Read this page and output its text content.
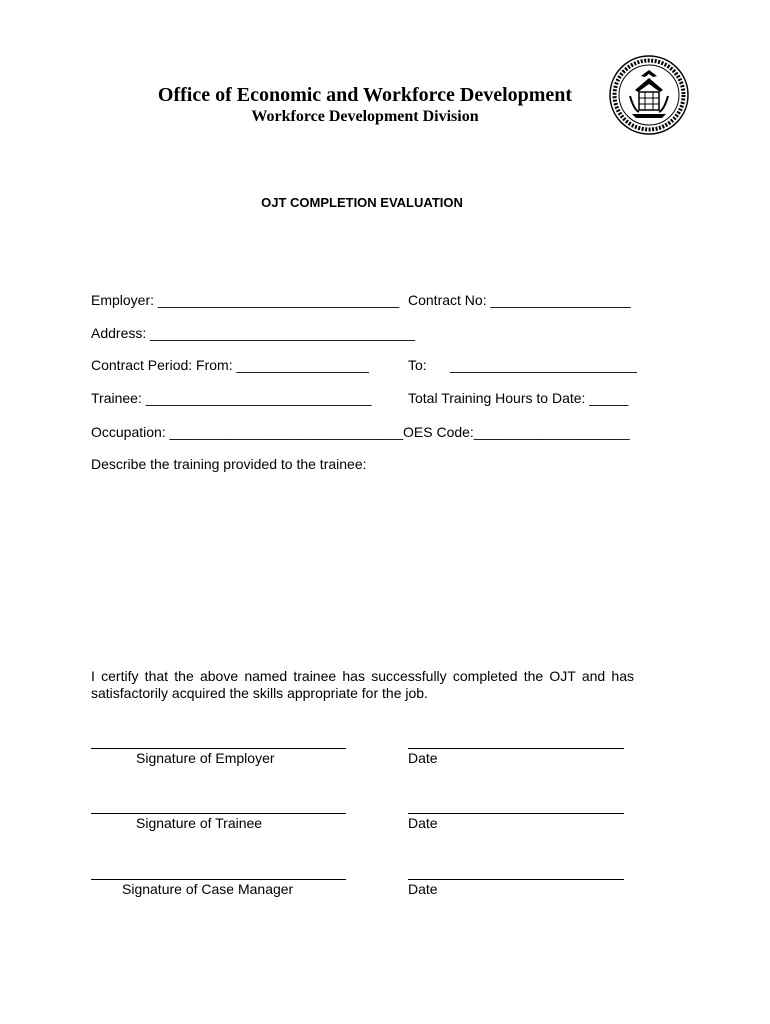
Office of Economic and Workforce Development
Workforce Development Division
OJT COMPLETION EVALUATION
Employer: _______________________________ Contract No: __________________
Address: __________________________________
Contract Period: From: _________________	To:      ________________________
Trainee: _____________________________	Total Training Hours to Date: _____
Occupation: ______________________________ OES Code:____________________
Describe the training provided to the trainee:
I certify that the above named trainee has successfully completed the OJT and has satisfactorily acquired the skills appropriate for the job.
Signature of Employer	Date
Signature of Trainee	Date
Signature of Case Manager	Date
